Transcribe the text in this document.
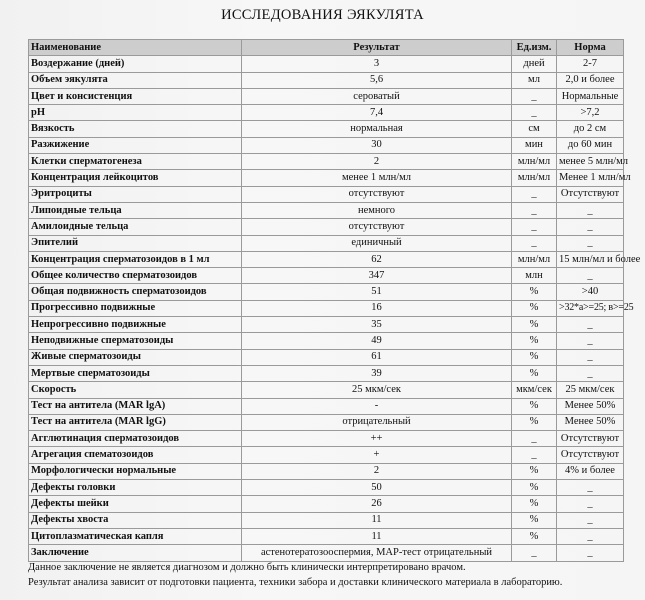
ИССЛЕДОВАНИЯ ЭЯКУЛЯТА
Наименование	Результат	Ед.изм.	Норма
Воздержание (дней)	3	дней	2-7
Объем эякулята	5,6	мл	2,0 и более
Цвет и консистенция	сероватый	_	Нормальные
pH	7,4	_	>7,2
Вязкость	нормальная	см	до 2 см
Разжижение	30	мин	до 60 мин
Клетки сперматогенеза	2	млн/мл	менее 5 млн/мл
Концентрация лейкоцитов	менее 1 млн/мл	млн/мл	Менее 1 млн/мл
Эритроциты	отсутствуют	_	Отсутствуют
Липоидные тельца	немного	_	_
Амилоидные тельца	отсутствуют	_	_
Эпителий	единичный	_	_
Концентрация сперматозоидов в 1 мл	62	млн/мл	15 млн/мл и более
Общее количество сперматозоидов	347	млн	_
Общая подвижность сперматозоидов	51	%	>40
Прогрессивно подвижные	16	%	>32*а>=25; в>=25
Непрогрессивно подвижные	35	%	_
Неподвижные сперматозоиды	49	%	_
Живые сперматозоиды	61	%	_
Мертвые сперматозоиды	39	%	_
Скорость	25 мкм/сек	мкм/сек	25 мкм/сек
Тест на антитела (MAR lgA)	-	%	Менее 50%
Тест на антитела (MAR lgG)	отрицательный	%	Менее 50%
Агглютинация сперматозоидов	++	_	Отсутствуют
Агрегация спематозоидов	+	_	Отсутствуют
Морфологически нормальные	2	%	4% и более
Дефекты головки	50	%	_
Дефекты шейки	26	%	_
Дефекты хвоста	11	%	_
Цитоплазматическая капля	11	%	_
Заключение	астенотератозооспермия, MAP-тест отрицательный	_	_
Данное заключение не является диагнозом и должно быть клинически интерпретировано врачом.
Результат анализа зависит от подготовки пациента, техники забора и доставки клинического материала в лабораторию.
